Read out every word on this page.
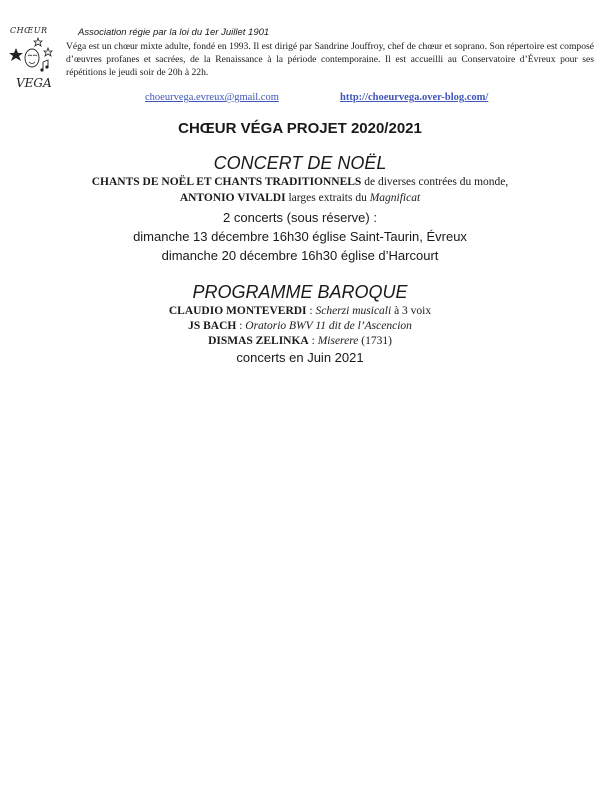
CHŒUR
VEGA
Association régie par la loi du 1er Juillet 1901
Véga est un chœur mixte adulte, fondé en 1993. Il est dirigé par Sandrine Jouffroy, chef de chœur et soprano. Son répertoire est composé d’œuvres profanes et sacrées, de la Renaissance à la période contemporaine. Il est accueilli au Conservatoire d’Évreux pour ses répétitions le jeudi soir de 20h à 22h.
choeurvega.evreux@gmail.com	http://choeurvega.over-blog.com/
CHŒUR VÉGA PROJET 2020/2021
CONCERT DE NOËL
CHANTS DE NOËL ET CHANTS TRADITIONNELS de diverses contrées du monde,
ANTONIO VIVALDI larges extraits du Magnificat
2 concerts (sous réserve) :
dimanche 13 décembre 16h30 église Saint-Taurin, Évreux
dimanche 20 décembre 16h30 église d’Harcourt
PROGRAMME BAROQUE
CLAUDIO MONTEVERDI : Scherzi musicali à 3 voix
JS BACH : Oratorio BWV 11 dit de l’Ascencion
DISMAS ZELINKA : Miserere (1731)
concerts en Juin 2021
